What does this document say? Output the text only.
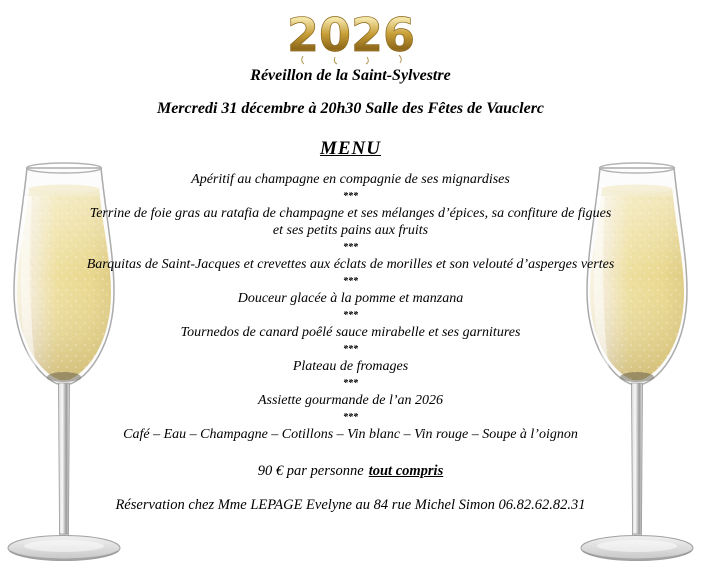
2026
Réveillon de la Saint-Sylvestre
Mercredi 31 décembre à 20h30 Salle des Fêtes de Vauclerc
MENU
Apéritif au champagne en compagnie de ses mignardises
***
Terrine de foie gras au ratafia de champagne et ses mélanges d’épices, sa confiture de figues
et ses petits pains aux fruits
***
Barquitas de Saint-Jacques et crevettes aux éclats de morilles et son velouté d’asperges vertes
***
Douceur glacée à la pomme et manzana
***
Tournedos de canard poêlé sauce mirabelle et ses garnitures
***
Plateau de fromages
***
Assiette gourmande de l’an 2026
***
Café – Eau – Champagne – Cotillons – Vin blanc – Vin rouge – Soupe à l’oignon
90 € par personne tout compris
Réservation chez Mme LEPAGE Evelyne au 84 rue Michel Simon 06.82.62.82.31
